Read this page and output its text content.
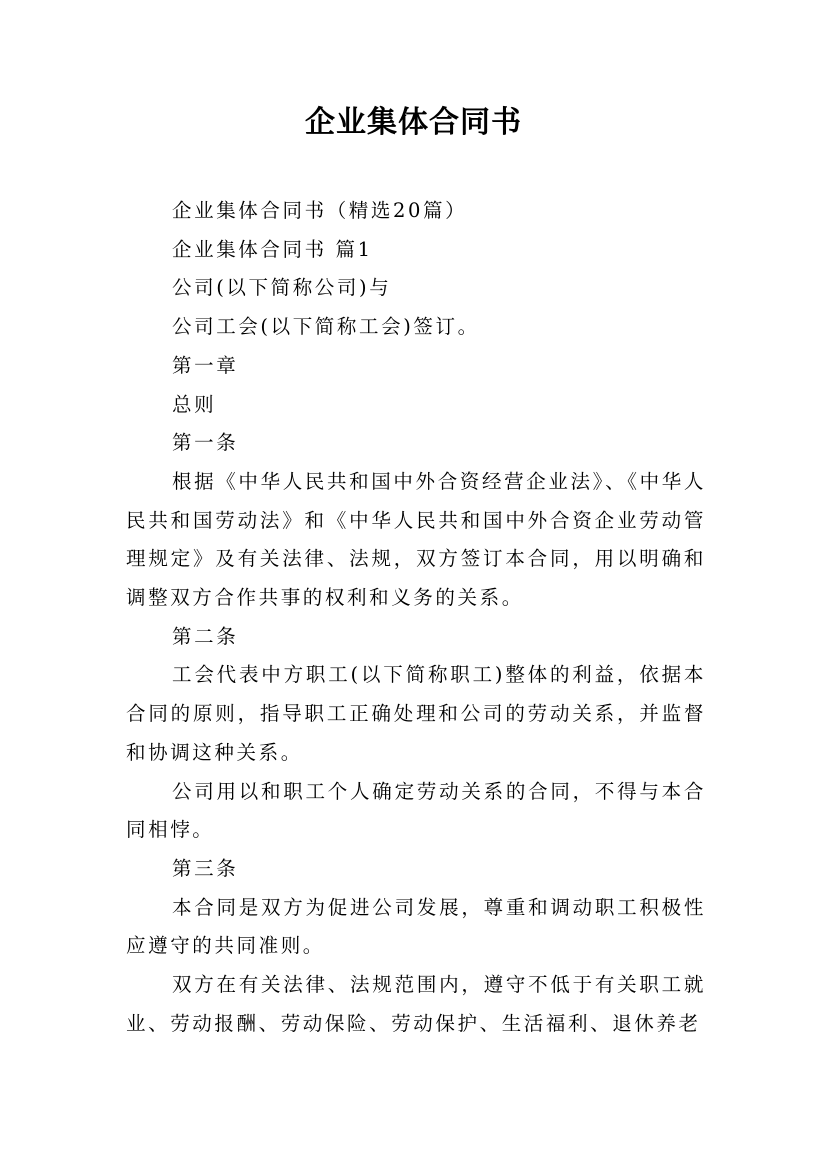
企业集体合同书

企业集体合同书（精选20篇）

企业集体合同书 篇1

公司(以下简称公司)与

公司工会(以下简称工会)签订。

第一章

总则

第一条

根据《中华人民共和国中外合资经营企业法》、《中华人民共和国劳动法》和《中华人民共和国中外合资企业劳动管理规定》及有关法律、法规，双方签订本合同，用以明确和调整双方合作共事的权利和义务的关系。

第二条

工会代表中方职工(以下简称职工)整体的利益，依据本合同的原则，指导职工正确处理和公司的劳动关系，并监督和协调这种关系。

公司用以和职工个人确定劳动关系的合同，不得与本合同相悖。

第三条

本合同是双方为促进公司发展，尊重和调动职工积极性应遵守的共同准则。

双方在有关法律、法规范围内，遵守不低于有关职工就业、劳动报酬、劳动保险、劳动保护、生活福利、退休养老
